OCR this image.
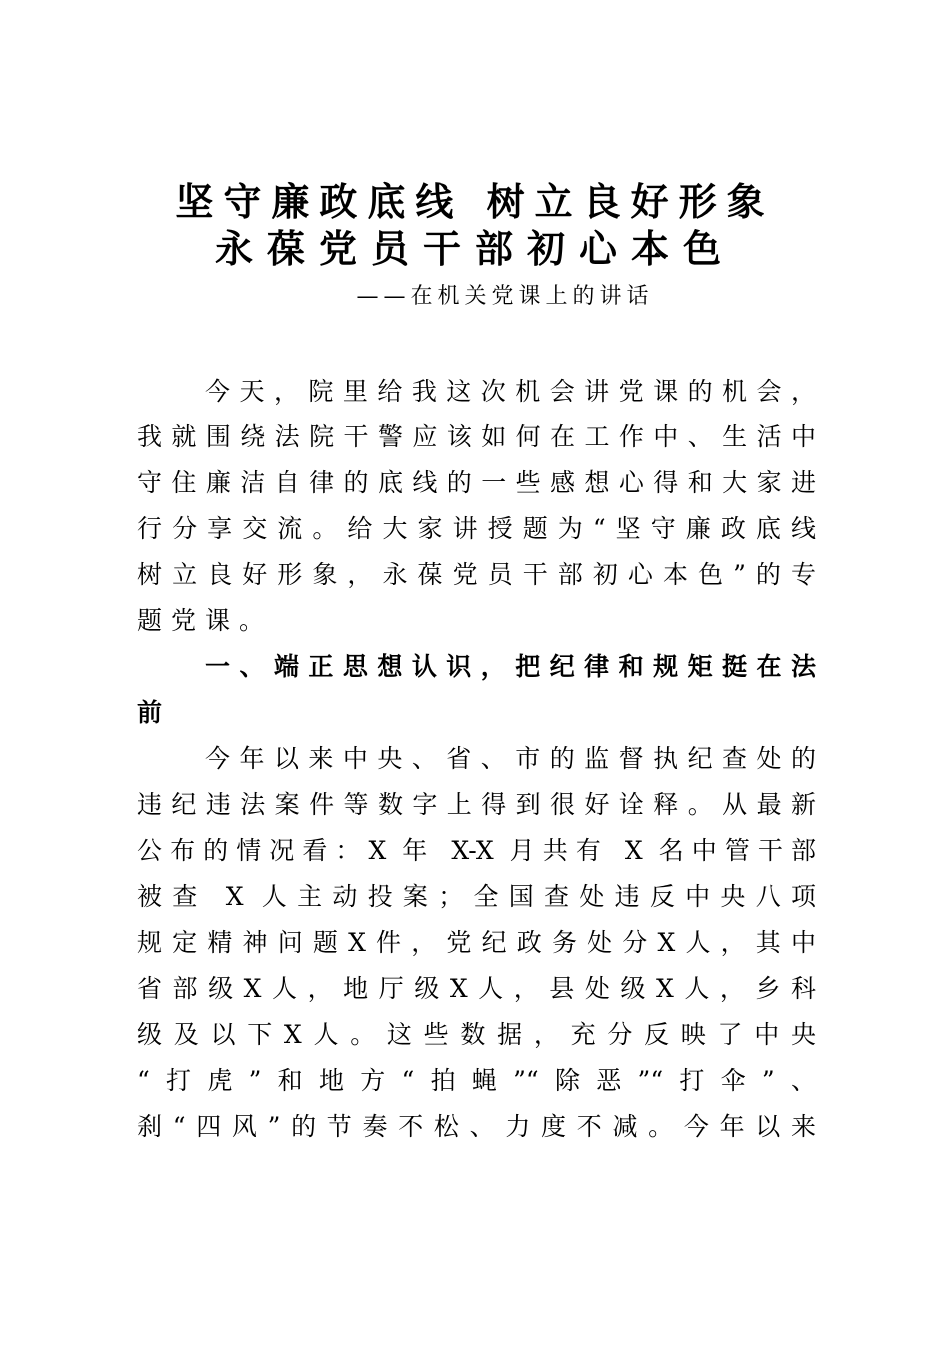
坚守廉政底线 树立良好形象
永葆党员干部初心本色
——在机关党课上的讲话
今天，院里给我这次机会讲党课的机会，
我就围绕法院干警应该如何在工作中、生活中
守住廉洁自律的底线的一些感想心得和大家进
行分享交流。给大家讲授题为“坚守廉政底线
树立良好形象，永葆党员干部初心本色”的专
题党课。
一、端正思想认识，把纪律和规矩挺在法
前
今年以来中央、省、市的监督执纪查处的
违纪违法案件等数字上得到很好诠释。从最新
公布的情况看：X 年 X-X 月共有 X 名中管干部
被查 X 人主动投案；全国查处违反中央八项
规定精神问题X件，党纪政务处分X人，其中
省部级X人，地厅级X人，县处级X人，乡科
级及以下X人。这些数据，充分反映了中央
“打虎”和地方“拍蝇”“除恶”“打伞”、
刹“四风”的节奏不松、力度不减。今年以来
